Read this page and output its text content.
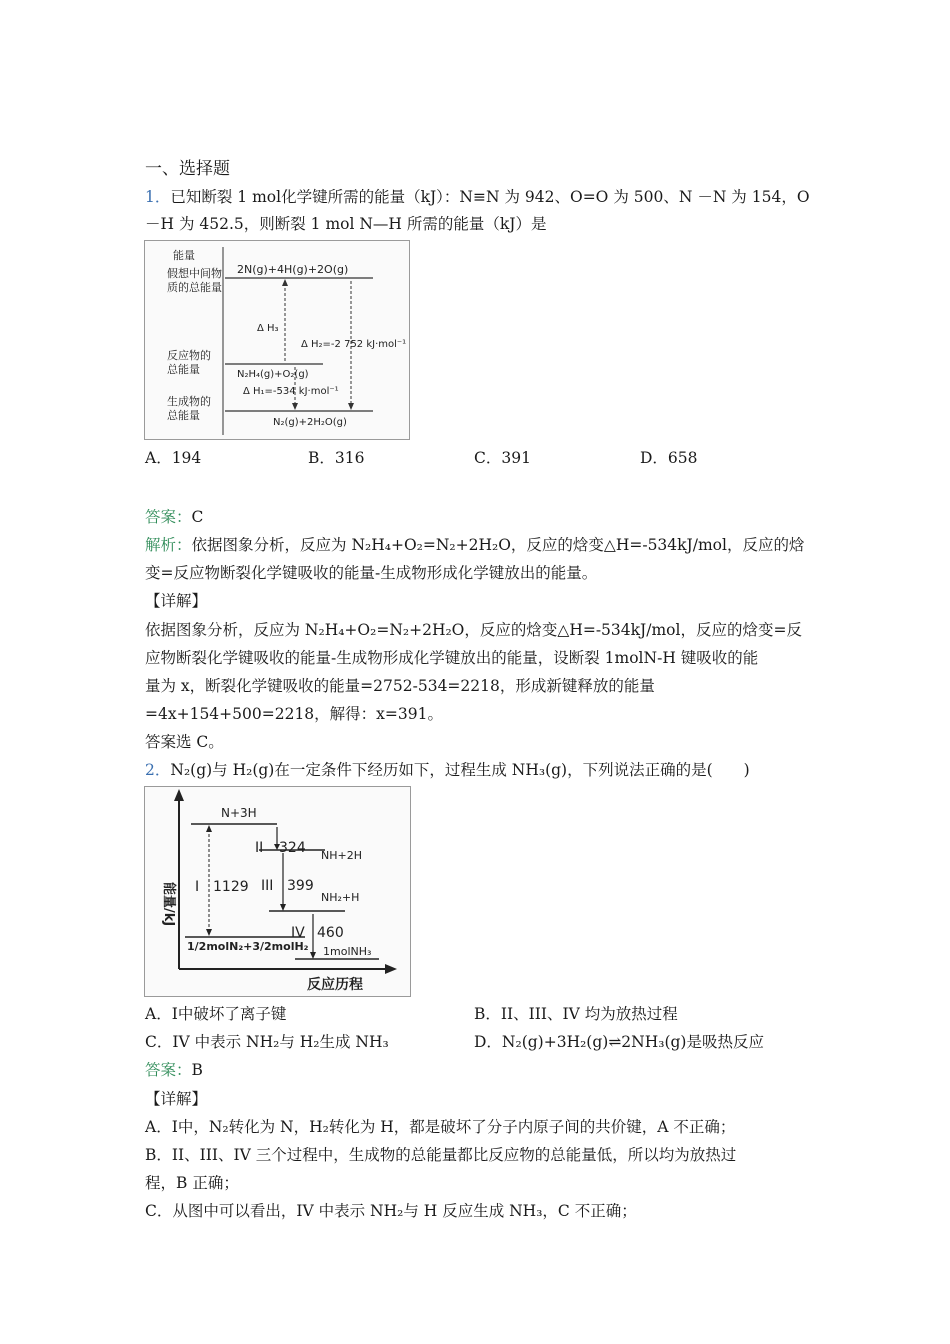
一、选择题
1．已知断裂 1 mol化学键所需的能量（kJ）：N≡N 为 942、O=O 为 500、N －N 为 154，O
－H 为 452.5，则断裂 1 mol N—H 所需的能量（kJ）是
能量
假想中间物
质的总能量
反应物的
总能量
生成物的
总能量
2N(g)+4H(g)+2O(g)
N₂H₄(g)+O₂(g)
N₂(g)+2H₂O(g)
Δ H₃
Δ H₂=-2 752 kJ·mol⁻¹
Δ H₁=-534 kJ·mol⁻¹
A．194	B．316	C．391	D．658
答案：C
解析：依据图象分析，反应为 N₂H₄+O₂=N₂+2H₂O，反应的焓变△H=-534kJ/mol，反应的焓
变=反应物断裂化学键吸收的能量-生成物形成化学键放出的能量。
【详解】
依据图象分析，反应为 N₂H₄+O₂=N₂+2H₂O，反应的焓变△H=-534kJ/mol，反应的焓变=反
应物断裂化学键吸收的能量-生成物形成化学键放出的能量，设断裂 1molN-H 键吸收的能
量为 x，断裂化学键吸收的能量=2752-534=2218，形成新键释放的能量
=4x+154+500=2218，解得：x=391。
答案选 C。
2．N₂(g)与 H₂(g)在一定条件下经历如下，过程生成 NH₃(g)，下列说法正确的是(　　)
能量/kJ
反应历程
N+3H
NH+2H
NH₂+H
1/2molN₂+3/2molH₂ 1molNH₃
I 1129
II 324
III 399
IV 460
A．I中破坏了离子键	B．II、III、IV 均为放热过程
C．IV 中表示 NH₂与 H₂生成 NH₃	D．N₂(g)+3H₂(g)⇌2NH₃(g)是吸热反应
答案：B
【详解】
A．I中，N₂转化为 N，H₂转化为 H，都是破坏了分子内原子间的共价键，A 不正确；
B．II、III、IV 三个过程中，生成物的总能量都比反应物的总能量低，所以均为放热过
程，B 正确；
C．从图中可以看出，IV 中表示 NH₂与 H 反应生成 NH₃，C 不正确；
